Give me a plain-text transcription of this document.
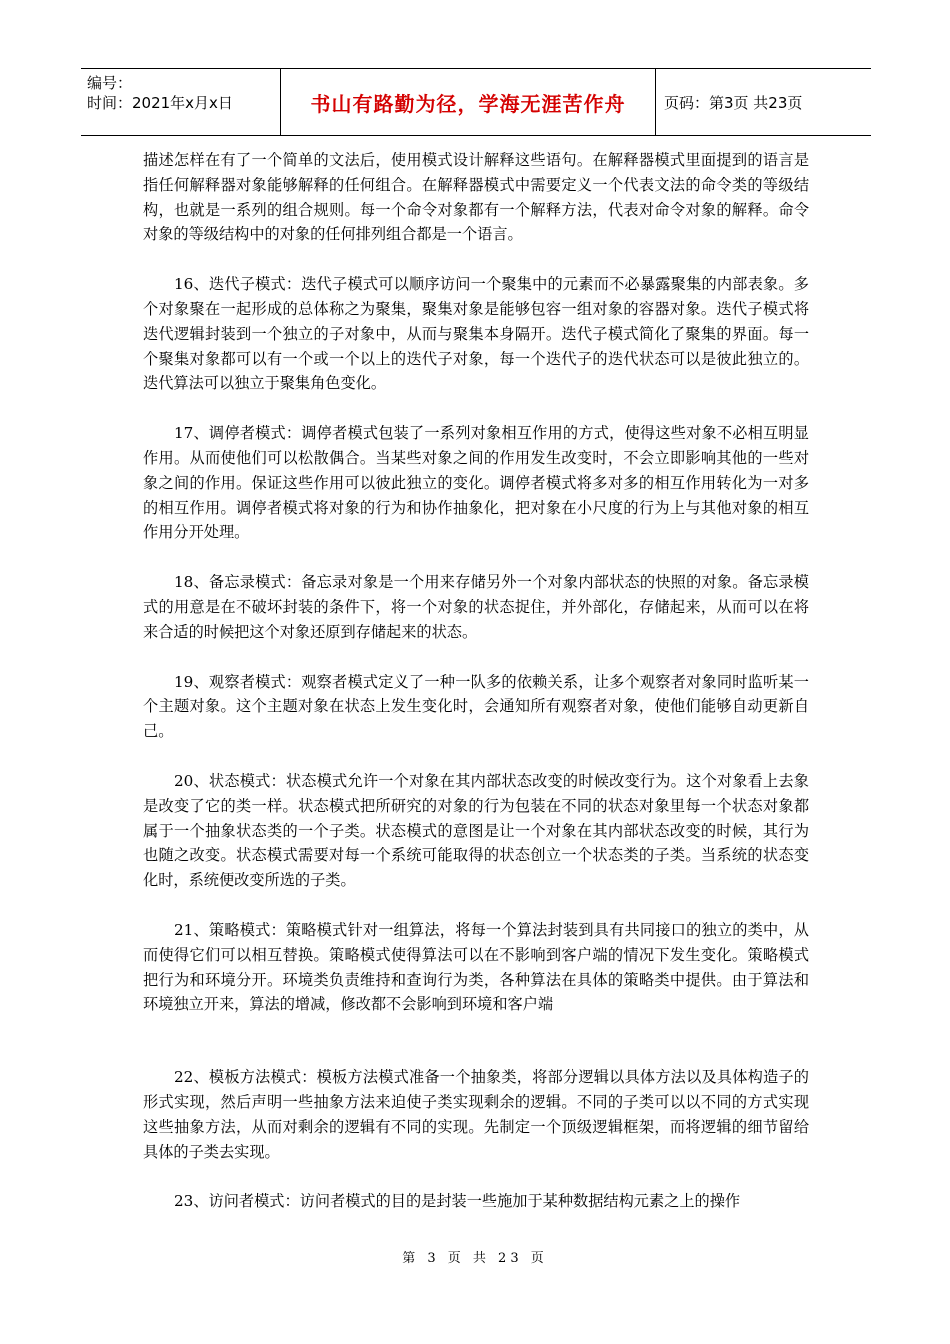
编号：
时间：2021年x月x日	书山有路勤为径，学海无涯苦作舟	页码：第3页 共23页

描述怎样在有了一个简单的文法后，使用模式设计解释这些语句。在解释器模式里面提到的语言是指任何解释器对象能够解释的任何组合。在解释器模式中需要定义一个代表文法的命令类的等级结构，也就是一系列的组合规则。每一个命令对象都有一个解释方法，代表对命令对象的解释。命令对象的等级结构中的对象的任何排列组合都是一个语言。

16、迭代子模式：迭代子模式可以顺序访问一个聚集中的元素而不必暴露聚集的内部表象。多个对象聚在一起形成的总体称之为聚集，聚集对象是能够包容一组对象的容器对象。迭代子模式将迭代逻辑封装到一个独立的子对象中，从而与聚集本身隔开。迭代子模式简化了聚集的界面。每一个聚集对象都可以有一个或一个以上的迭代子对象，每一个迭代子的迭代状态可以是彼此独立的。迭代算法可以独立于聚集角色变化。

17、调停者模式：调停者模式包装了一系列对象相互作用的方式，使得这些对象不必相互明显作用。从而使他们可以松散偶合。当某些对象之间的作用发生改变时，不会立即影响其他的一些对象之间的作用。保证这些作用可以彼此独立的变化。调停者模式将多对多的相互作用转化为一对多的相互作用。调停者模式将对象的行为和协作抽象化，把对象在小尺度的行为上与其他对象的相互作用分开处理。

18、备忘录模式：备忘录对象是一个用来存储另外一个对象内部状态的快照的对象。备忘录模式的用意是在不破坏封装的条件下，将一个对象的状态捉住，并外部化，存储起来，从而可以在将来合适的时候把这个对象还原到存储起来的状态。

19、观察者模式：观察者模式定义了一种一队多的依赖关系，让多个观察者对象同时监听某一个主题对象。这个主题对象在状态上发生变化时，会通知所有观察者对象，使他们能够自动更新自己。

20、状态模式：状态模式允许一个对象在其内部状态改变的时候改变行为。这个对象看上去象是改变了它的类一样。状态模式把所研究的对象的行为包装在不同的状态对象里每一个状态对象都属于一个抽象状态类的一个子类。状态模式的意图是让一个对象在其内部状态改变的时候，其行为也随之改变。状态模式需要对每一个系统可能取得的状态创立一个状态类的子类。当系统的状态变化时，系统便改变所选的子类。

21、策略模式：策略模式针对一组算法，将每一个算法封装到具有共同接口的独立的类中，从而使得它们可以相互替换。策略模式使得算法可以在不影响到客户端的情况下发生变化。策略模式把行为和环境分开。环境类负责维持和查询行为类，各种算法在具体的策略类中提供。由于算法和环境独立开来，算法的增减，修改都不会影响到环境和客户端

22、模板方法模式：模板方法模式准备一个抽象类，将部分逻辑以具体方法以及具体构造子的形式实现，然后声明一些抽象方法来迫使子类实现剩余的逻辑。不同的子类可以以不同的方式实现这些抽象方法，从而对剩余的逻辑有不同的实现。先制定一个顶级逻辑框架，而将逻辑的细节留给具体的子类去实现。

23、访问者模式：访问者模式的目的是封装一些施加于某种数据结构元素之上的操作

第 3 页 共 23 页
